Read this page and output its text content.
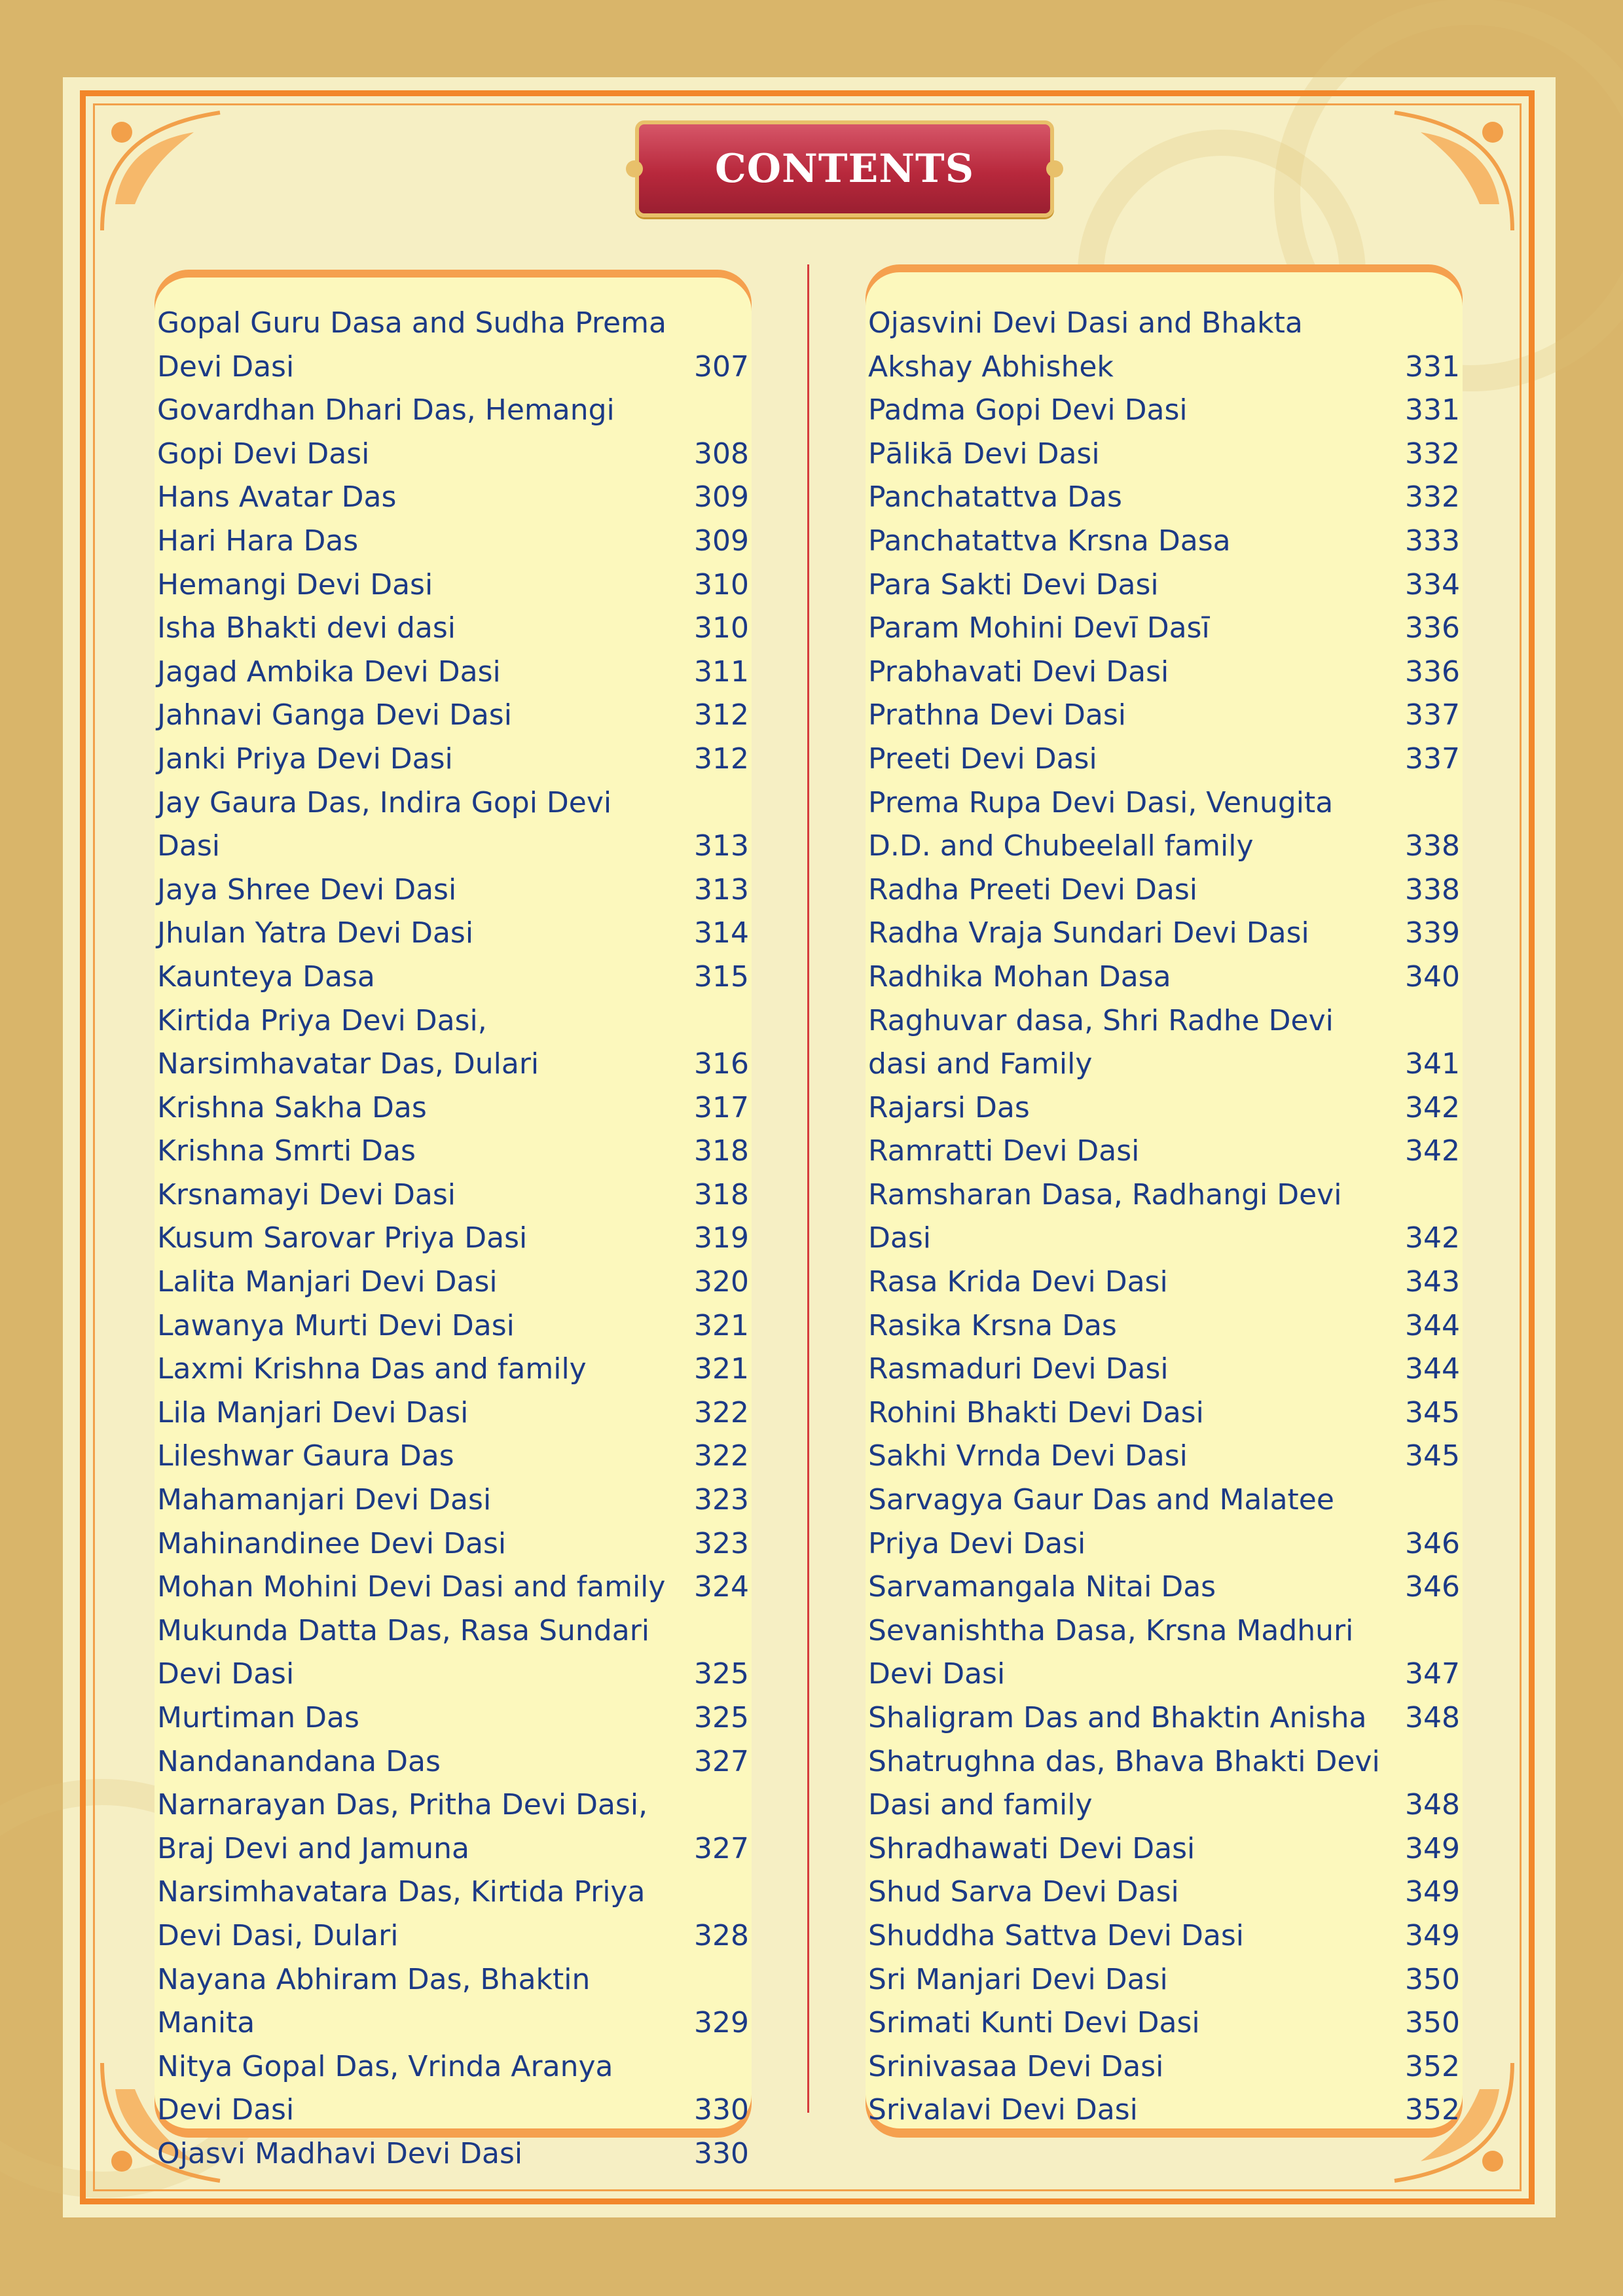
CONTENTS
Gopal Guru Dasa and Sudha Prema Devi Dasi	307
Govardhan Dhari Das, Hemangi Gopi Devi Dasi	308
Hans Avatar Das	309
Hari Hara Das	309
Hemangi Devi Dasi	310
Isha Bhakti devi dasi	310
Jagad Ambika Devi Dasi	311
Jahnavi Ganga Devi Dasi	312
Janki Priya Devi Dasi	312
Jay Gaura Das, Indira Gopi Devi Dasi	313
Jaya Shree Devi Dasi	313
Jhulan Yatra Devi Dasi	314
Kaunteya Dasa	315
Kirtida Priya Devi Dasi, Narsimhavatar Das, Dulari	316
Krishna Sakha Das	317
Krishna Smrti Das	318
Krsnamayi Devi Dasi	318
Kusum Sarovar Priya Dasi	319
Lalita Manjari Devi Dasi	320
Lawanya Murti Devi Dasi	321
Laxmi Krishna Das and family	321
Lila Manjari Devi Dasi	322
Lileshwar Gaura Das	322
Mahamanjari Devi Dasi	323
Mahinandinee Devi Dasi	323
Mohan Mohini Devi Dasi and family 324
Mukunda Datta Das, Rasa Sundari Devi Dasi	325
Murtiman Das	325
Nandanandana Das	327
Narnarayan Das, Pritha Devi Dasi, Braj Devi and Jamuna	327
Narsimhavatara Das, Kirtida Priya Devi Dasi, Dulari	328
Nayana Abhiram Das, Bhaktin Manita	329
Nitya Gopal Das, Vrinda Aranya Devi Dasi	330
Ojasvi Madhavi Devi Dasi	330
Ojasvini Devi Dasi and Bhakta Akshay Abhishek	331
Padma Gopi Devi Dasi	331
Pālikā Devi Dasi	332
Panchatattva Das	332
Panchatattva Krsna Dasa	333
Para Sakti Devi Dasi	334
Param Mohini Devī Dasī	336
Prabhavati Devi Dasi	336
Prathna Devi Dasi	337
Preeti Devi Dasi	337
Prema Rupa Devi Dasi, Venugita D.D. and Chubeelall family	338
Radha Preeti Devi Dasi	338
Radha Vraja Sundari Devi Dasi	339
Radhika Mohan Dasa	340
Raghuvar dasa, Shri Radhe Devi dasi and Family	341
Rajarsi Das	342
Ramratti Devi Dasi	342
Ramsharan Dasa, Radhangi Devi Dasi	342
Rasa Krida Devi Dasi	343
Rasika Krsna Das	344
Rasmaduri Devi Dasi	344
Rohini Bhakti Devi Dasi	345
Sakhi Vrnda Devi Dasi	345
Sarvagya Gaur Das and Malatee Priya Devi Dasi	346
Sarvamangala Nitai Das	346
Sevanishtha Dasa, Krsna Madhuri Devi Dasi	347
Shaligram Das and Bhaktin Anisha	348
Shatrughna das, Bhava Bhakti Devi Dasi and family	348
Shradhawati Devi Dasi	349
Shud Sarva Devi Dasi	349
Shuddha Sattva Devi Dasi	349
Sri Manjari Devi Dasi	350
Srimati Kunti Devi Dasi	350
Srinivasaa Devi Dasi	352
Srivalavi Devi Dasi	352
